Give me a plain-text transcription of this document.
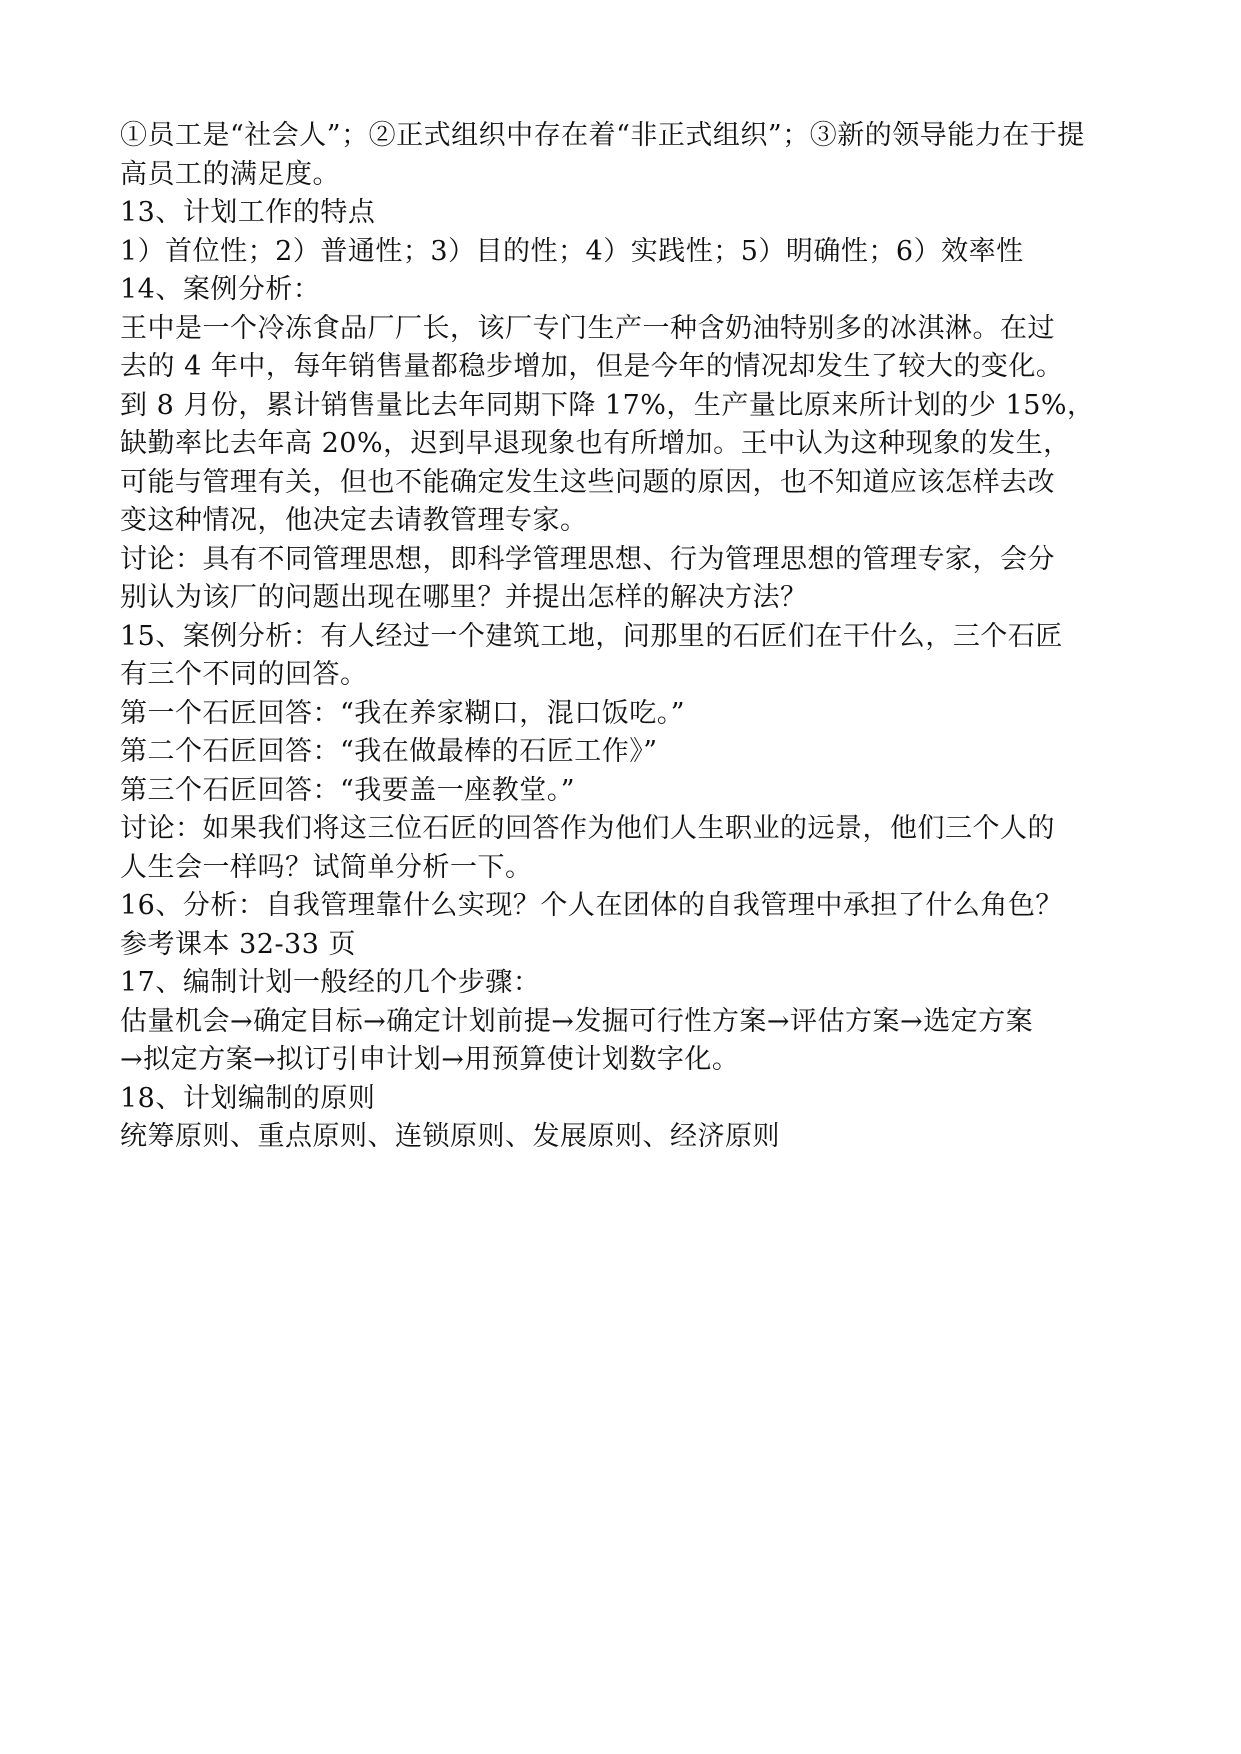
①员工是“社会人”；②正式组织中存在着“非正式组织”；③新的领导能力在于提
高员工的满足度。
13、计划工作的特点
1）首位性；2）普通性；3）目的性；4）实践性；5）明确性；6）效率性
14、案例分析：
王中是一个冷冻食品厂厂长，该厂专门生产一种含奶油特别多的冰淇淋。在过
去的 4 年中，每年销售量都稳步增加，但是今年的情况却发生了较大的变化。
到 8 月份，累计销售量比去年同期下降 17%，生产量比原来所计划的少 15%，
缺勤率比去年高 20%，迟到早退现象也有所增加。王中认为这种现象的发生，
可能与管理有关，但也不能确定发生这些问题的原因，也不知道应该怎样去改
变这种情况，他决定去请教管理专家。
讨论：具有不同管理思想，即科学管理思想、行为管理思想的管理专家，会分
别认为该厂的问题出现在哪里？并提出怎样的解决方法？
15、案例分析：有人经过一个建筑工地，问那里的石匠们在干什么，三个石匠
有三个不同的回答。
第一个石匠回答：“我在养家糊口，混口饭吃。”
第二个石匠回答：“我在做最棒的石匠工作》”
第三个石匠回答：“我要盖一座教堂。”
讨论：如果我们将这三位石匠的回答作为他们人生职业的远景，他们三个人的
人生会一样吗？试简单分析一下。
16、分析：自我管理靠什么实现？个人在团体的自我管理中承担了什么角色？
参考课本 32-33 页
17、编制计划一般经的几个步骤：
估量机会→确定目标→确定计划前提→发掘可行性方案→评估方案→选定方案
→拟定方案→拟订引申计划→用预算使计划数字化。
18、计划编制的原则
统筹原则、重点原则、连锁原则、发展原则、经济原则
